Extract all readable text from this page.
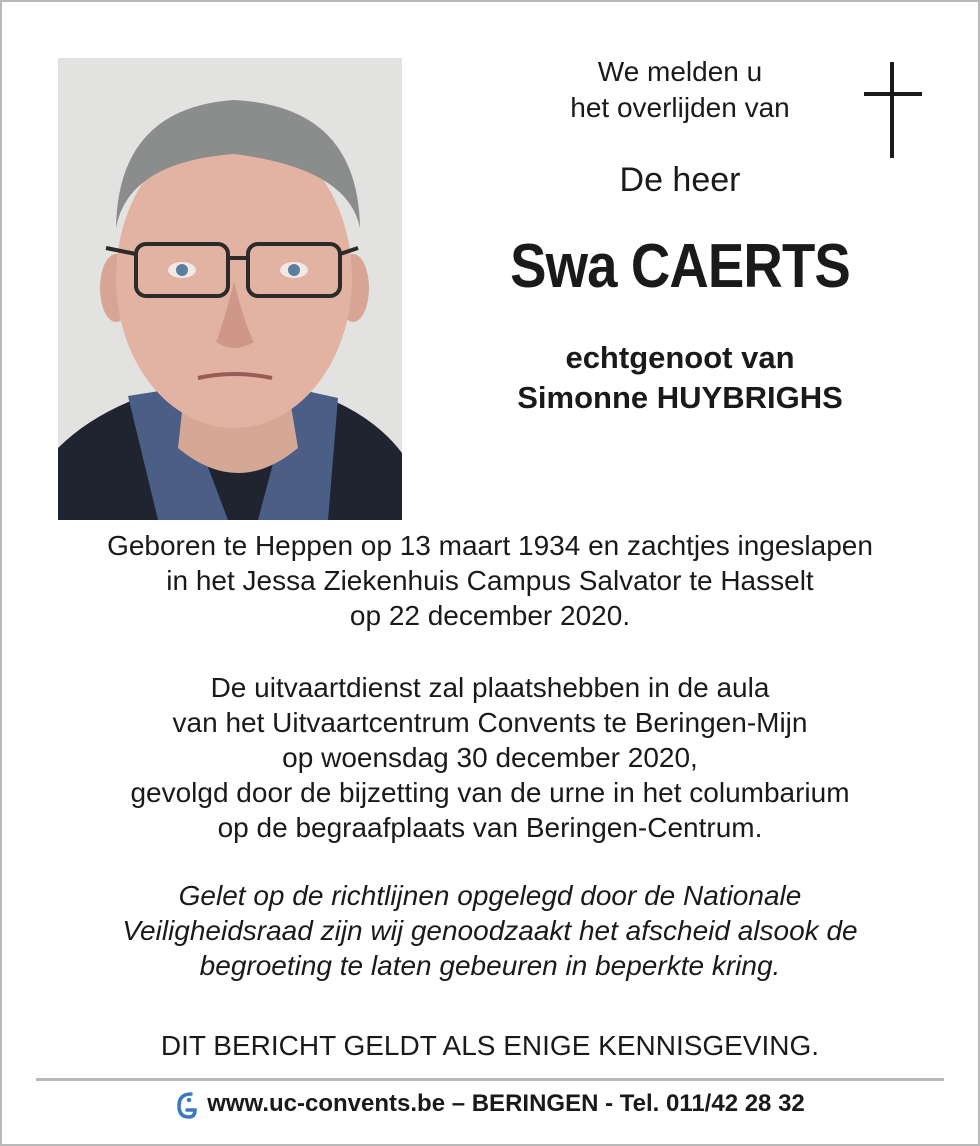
We melden u
het overlijden van
De heer
Swa CAERTS
echtgenoot van
Simonne HUYBRIGHS
Geboren te Heppen op 13 maart 1934 en zachtjes ingeslapen
in het Jessa Ziekenhuis Campus Salvator te Hasselt
op 22 december 2020.
De uitvaartdienst zal plaatshebben in de aula
van het Uitvaartcentrum Convents te Beringen-Mijn
op woensdag 30 december 2020,
gevolgd door de bijzetting van de urne in het columbarium
op de begraafplaats van Beringen-Centrum.
Gelet op de richtlijnen opgelegd door de Nationale
Veiligheidsraad zijn wij genoodzaakt het afscheid alsook de
begroeting te laten gebeuren in beperkte kring.
DIT BERICHT GELDT ALS ENIGE KENNISGEVING.
www.uc-convents.be – BERINGEN - Tel. 011/42 28 32
